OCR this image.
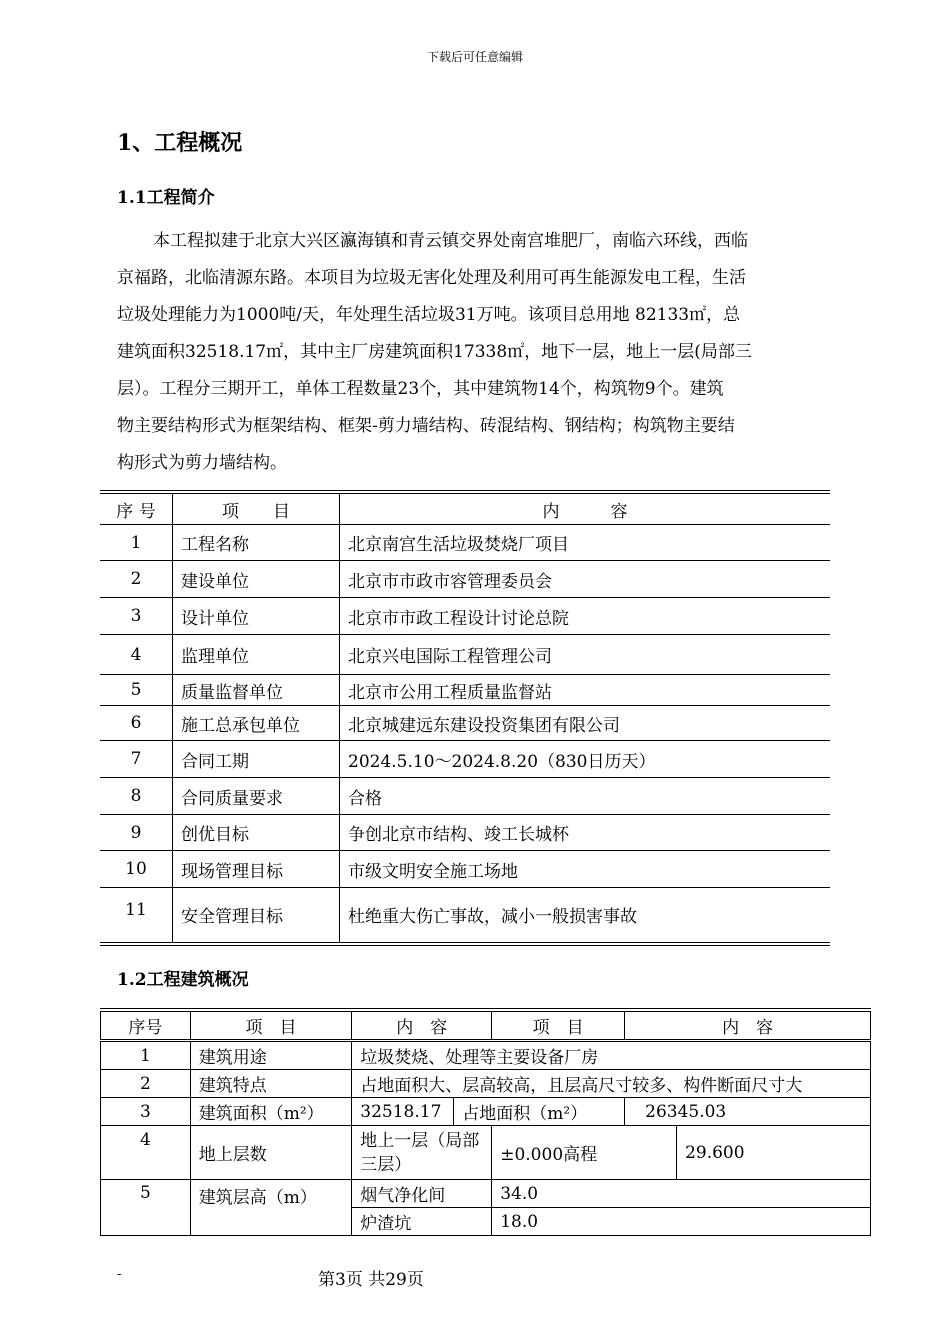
下载后可任意编辑
1、工程概况
1.1工程简介
本工程拟建于北京大兴区瀛海镇和青云镇交界处南宫堆肥厂，南临六环线，西临
京福路，北临清源东路。本项目为垃圾无害化处理及利用可再生能源发电工程，生活
垃圾处理能力为1000吨/天，年处理生活垃圾31万吨。该项目总用地 82133㎡，总
建筑面积32518.17㎡，其中主厂房建筑面积17338㎡，地下一层，地上一层(局部三
层）。工程分三期开工，单体工程数量23个，其中建筑物14个，构筑物9个。建筑
物主要结构形式为框架结构、框架-剪力墙结构、砖混结构、钢结构；构筑物主要结
构形式为剪力墙结构。
序 号	项　　目	内　　　容
1	工程名称	北京南宫生活垃圾焚烧厂项目
2	建设单位	北京市市政市容管理委员会
3	设计单位	北京市市政工程设计讨论总院
4	监理单位	北京兴电国际工程管理公司
5	质量监督单位	北京市公用工程质量监督站
6	施工总承包单位	北京城建远东建设投资集团有限公司
7	合同工期	2024.5.10～2024.8.20（830日历天）
8	合同质量要求	合格
9	创优目标	争创北京市结构、竣工长城杯
10	现场管理目标	市级文明安全施工场地
11	安全管理目标	杜绝重大伤亡事故，减小一般损害事故
1.2工程建筑概况
序号	项　目	内　容		项　目	内　容	
1	建筑用途	垃圾焚烧、处理等主要设备厂房				
2	建筑特点	占地面积大、层高较高，且层高尺寸较多、构件断面尺寸大				
3	建筑面积（m²）	32518.17	占地面积（m²）		26345.03	
4	地上层数	地上一层（局部三层）		±0.000高程		29.600
5	建筑层高（m）	烟气净化间		34.0		
		炉渣坑		18.0		
-	第3页 共29页
